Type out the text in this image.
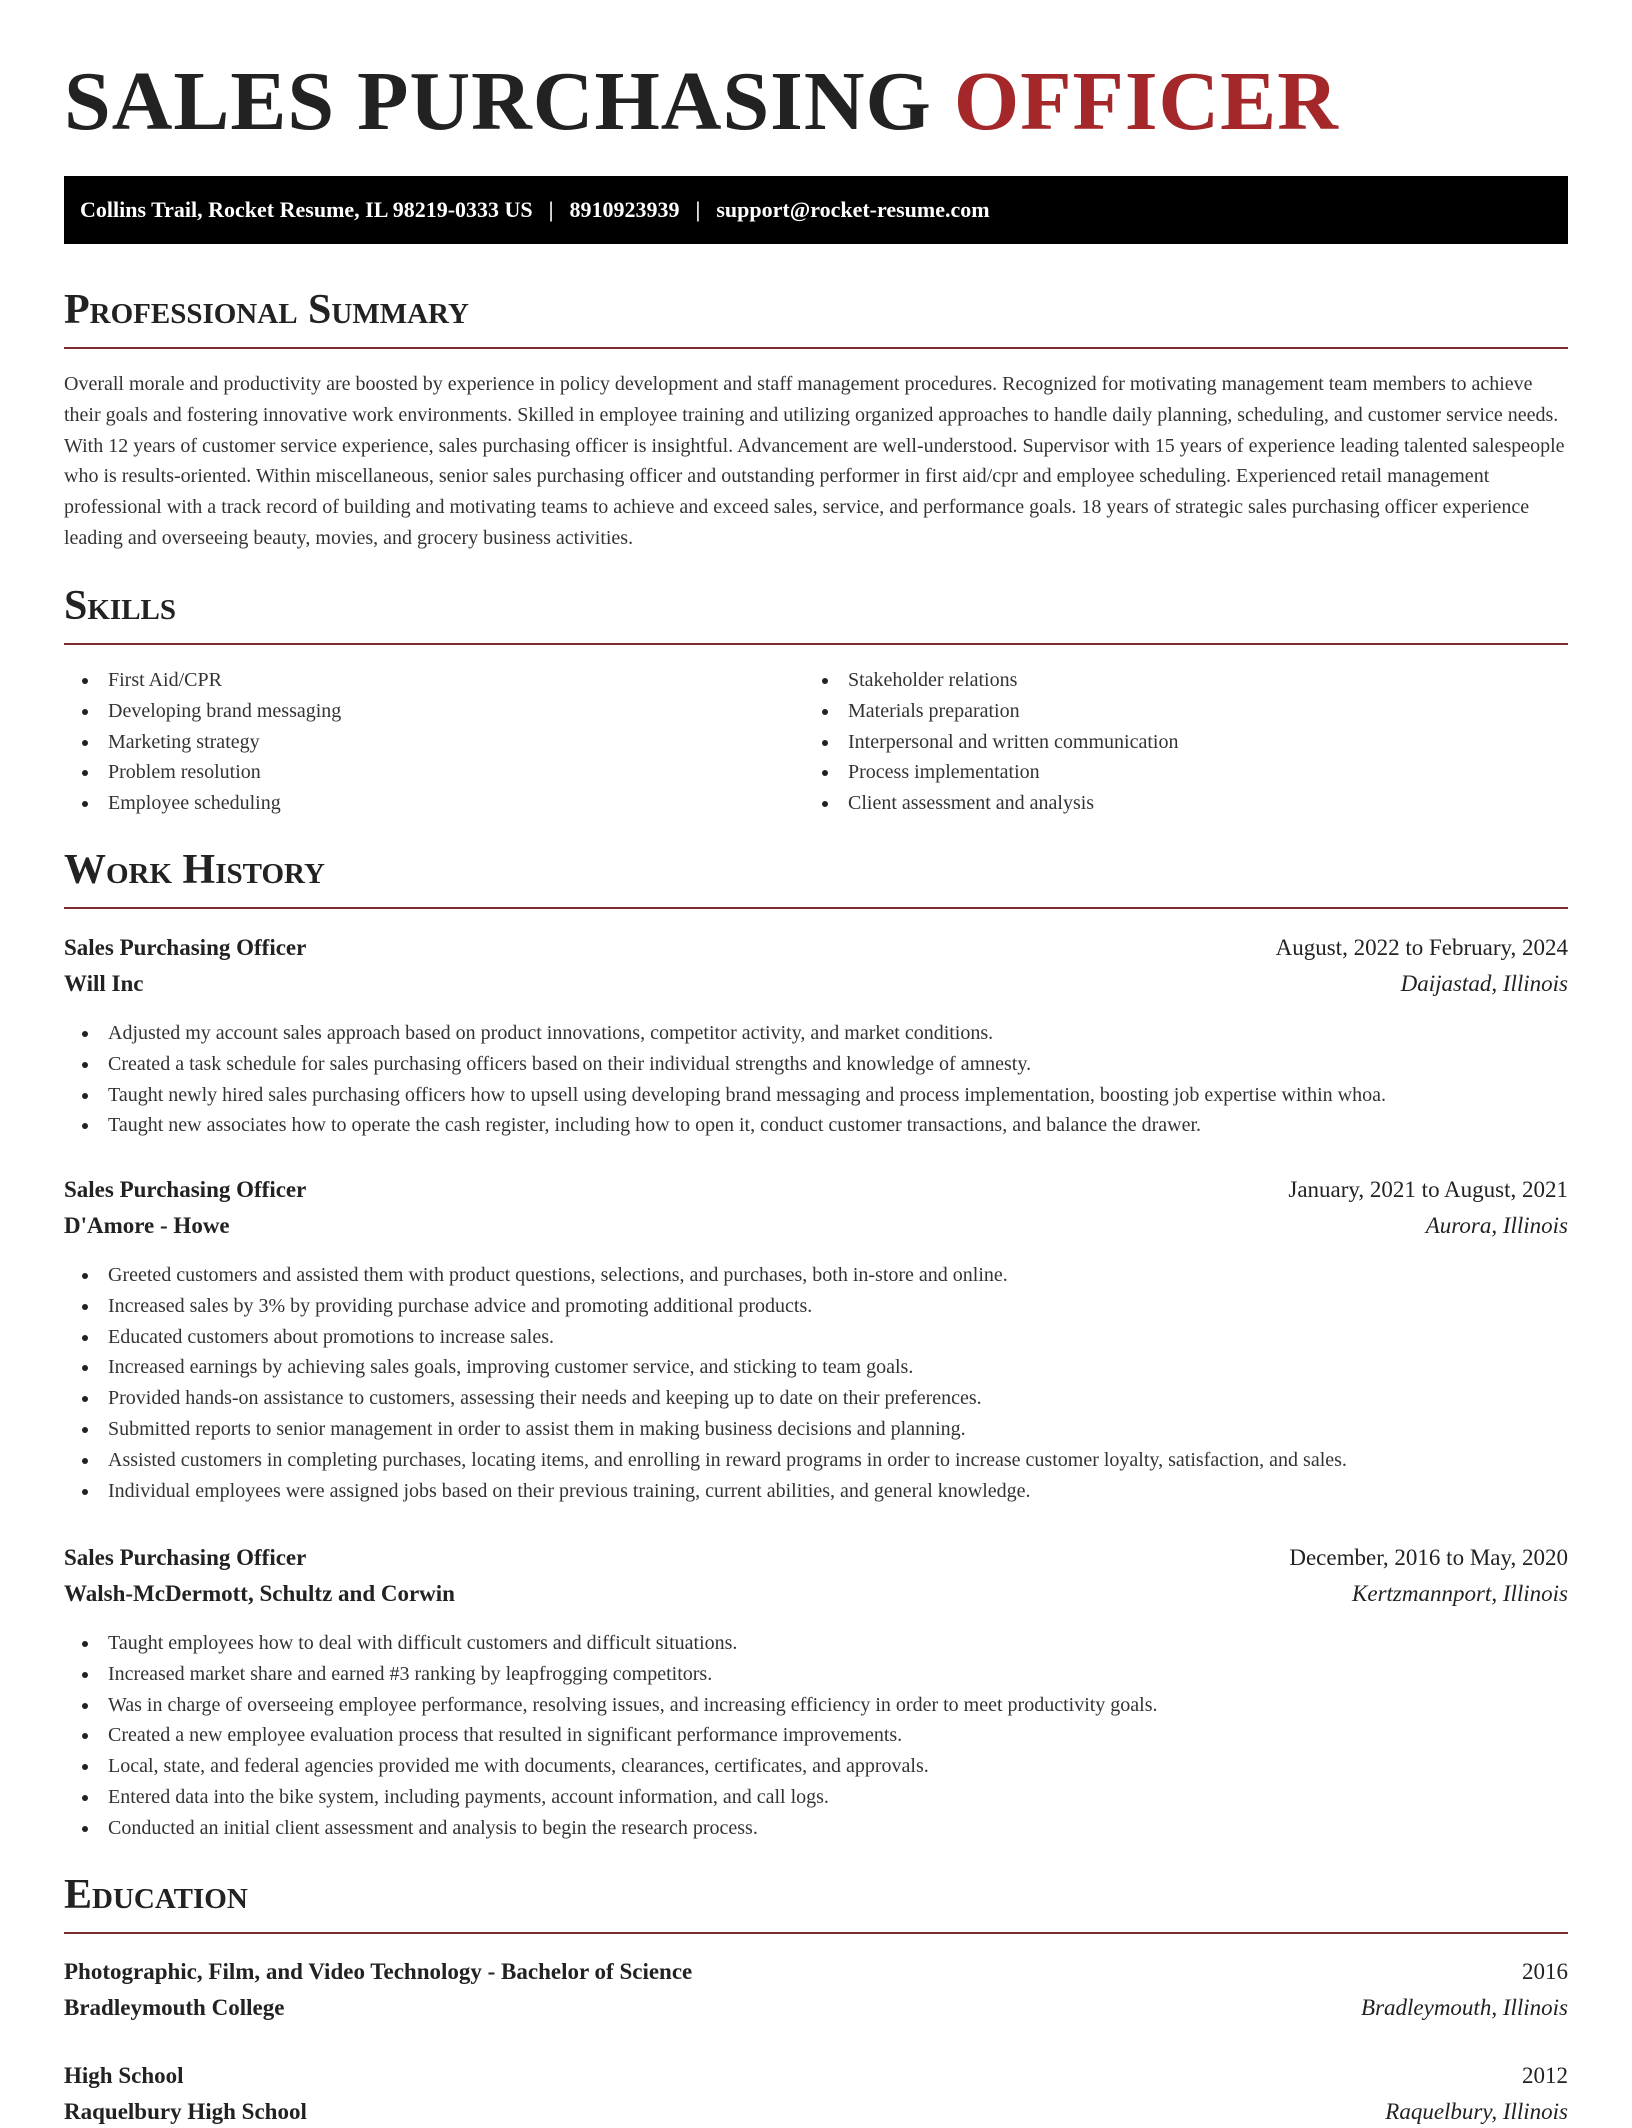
SALES PURCHASING OFFICER
Collins Trail, Rocket Resume, IL 98219-0333 US | 8910923939 | support@rocket-resume.com
Professional Summary

Overall morale and productivity are boosted by experience in policy development and staff management procedures. Recognized for motivating management team members to achieve their goals and fostering innovative work environments. Skilled in employee training and utilizing organized approaches to handle daily planning, scheduling, and customer service needs. With 12 years of customer service experience, sales purchasing officer is insightful. Advancement are well-understood. Supervisor with 15 years of experience leading talented salespeople who is results-oriented. Within miscellaneous, senior sales purchasing officer and outstanding performer in first aid/cpr and employee scheduling. Experienced retail management professional with a track record of building and motivating teams to achieve and exceed sales, service, and performance goals. 18 years of strategic sales purchasing officer experience leading and overseeing beauty, movies, and grocery business activities.

Skills
First Aid/CPR
Developing brand messaging
Marketing strategy
Problem resolution
Employee scheduling
Stakeholder relations
Materials preparation
Interpersonal and written communication
Process implementation
Client assessment and analysis
Work History
Sales Purchasing Officer	August, 2022 to February, 2024
Will Inc	Daijastad, Illinois
Adjusted my account sales approach based on product innovations, competitor activity, and market conditions.
Created a task schedule for sales purchasing officers based on their individual strengths and knowledge of amnesty.
Taught newly hired sales purchasing officers how to upsell using developing brand messaging and process implementation, boosting job expertise within whoa.
Taught new associates how to operate the cash register, including how to open it, conduct customer transactions, and balance the drawer.
Sales Purchasing Officer	January, 2021 to August, 2021
D'Amore - Howe	Aurora, Illinois
Greeted customers and assisted them with product questions, selections, and purchases, both in-store and online.
Increased sales by 3% by providing purchase advice and promoting additional products.
Educated customers about promotions to increase sales.
Increased earnings by achieving sales goals, improving customer service, and sticking to team goals.
Provided hands-on assistance to customers, assessing their needs and keeping up to date on their preferences.
Submitted reports to senior management in order to assist them in making business decisions and planning.
Assisted customers in completing purchases, locating items, and enrolling in reward programs in order to increase customer loyalty, satisfaction, and sales.
Individual employees were assigned jobs based on their previous training, current abilities, and general knowledge.
Sales Purchasing Officer	December, 2016 to May, 2020
Walsh-McDermott, Schultz and Corwin	Kertzmannport, Illinois
Taught employees how to deal with difficult customers and difficult situations.
Increased market share and earned #3 ranking by leapfrogging competitors.
Was in charge of overseeing employee performance, resolving issues, and increasing efficiency in order to meet productivity goals.
Created a new employee evaluation process that resulted in significant performance improvements.
Local, state, and federal agencies provided me with documents, clearances, certificates, and approvals.
Entered data into the bike system, including payments, account information, and call logs.
Conducted an initial client assessment and analysis to begin the research process.
Education
Photographic, Film, and Video Technology - Bachelor of Science	2016
Bradleymouth College	Bradleymouth, Illinois
High School	2012
Raquelbury High School	Raquelbury, Illinois
